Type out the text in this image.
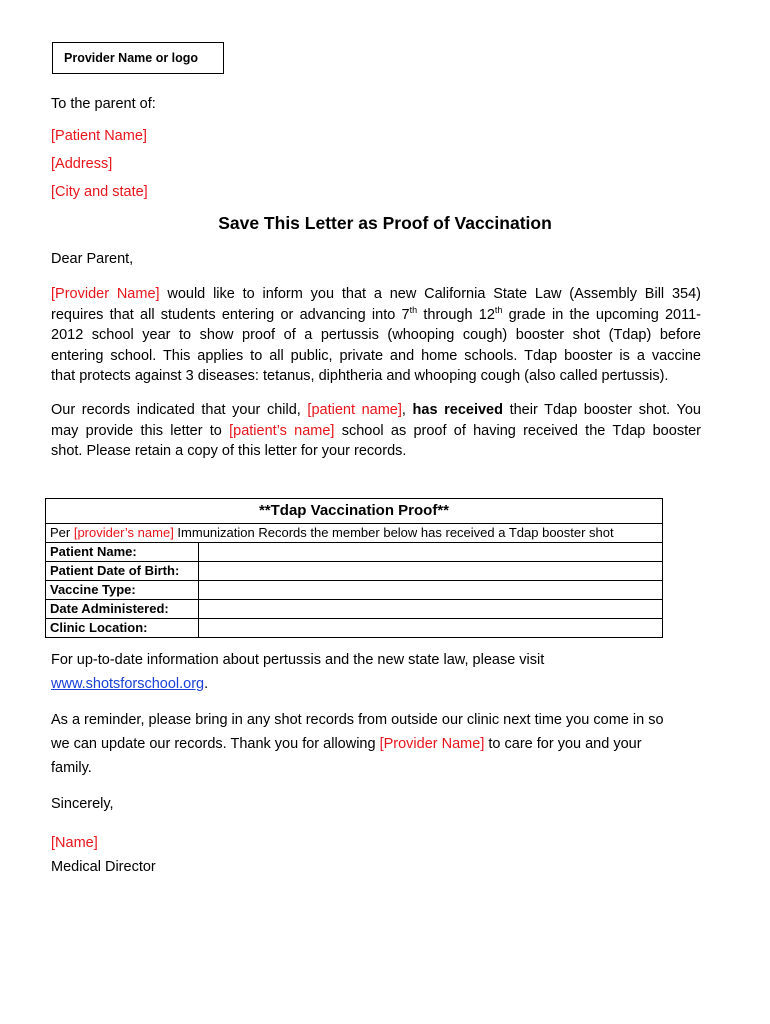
Provider Name or logo
To the parent of:
[Patient Name]
[Address]
[City and state]
Save This Letter as Proof of Vaccination
Dear Parent,
[Provider Name] would like to inform you that a new California State Law (Assembly Bill 354)
requires that all students entering or advancing into 7th through 12th grade in the upcoming 2011-
2012 school year to show proof of a pertussis (whooping cough) booster shot (Tdap) before
entering school. This applies to all public, private and home schools. Tdap booster is a vaccine
that protects against 3 diseases: tetanus, diphtheria and whooping cough (also called pertussis).
Our records indicated that your child, [patient name], has received their Tdap booster shot. You
may provide this letter to [patient’s name] school as proof of having received the Tdap booster
shot. Please retain a copy of this letter for your records.
**Tdap Vaccination Proof**	
Per [provider’s name] Immunization Records the member below has received a Tdap booster shot	
Patient Name:	
Patient Date of Birth:	
Vaccine Type:	
Date Administered:	
Clinic Location:	
For up-to-date information about pertussis and the new state law, please visit
www.shotsforschool.org.
As a reminder, please bring in any shot records from outside our clinic next time you come in so
we can update our records. Thank you for allowing [Provider Name] to care for you and your
family.
Sincerely,
[Name]
Medical Director
